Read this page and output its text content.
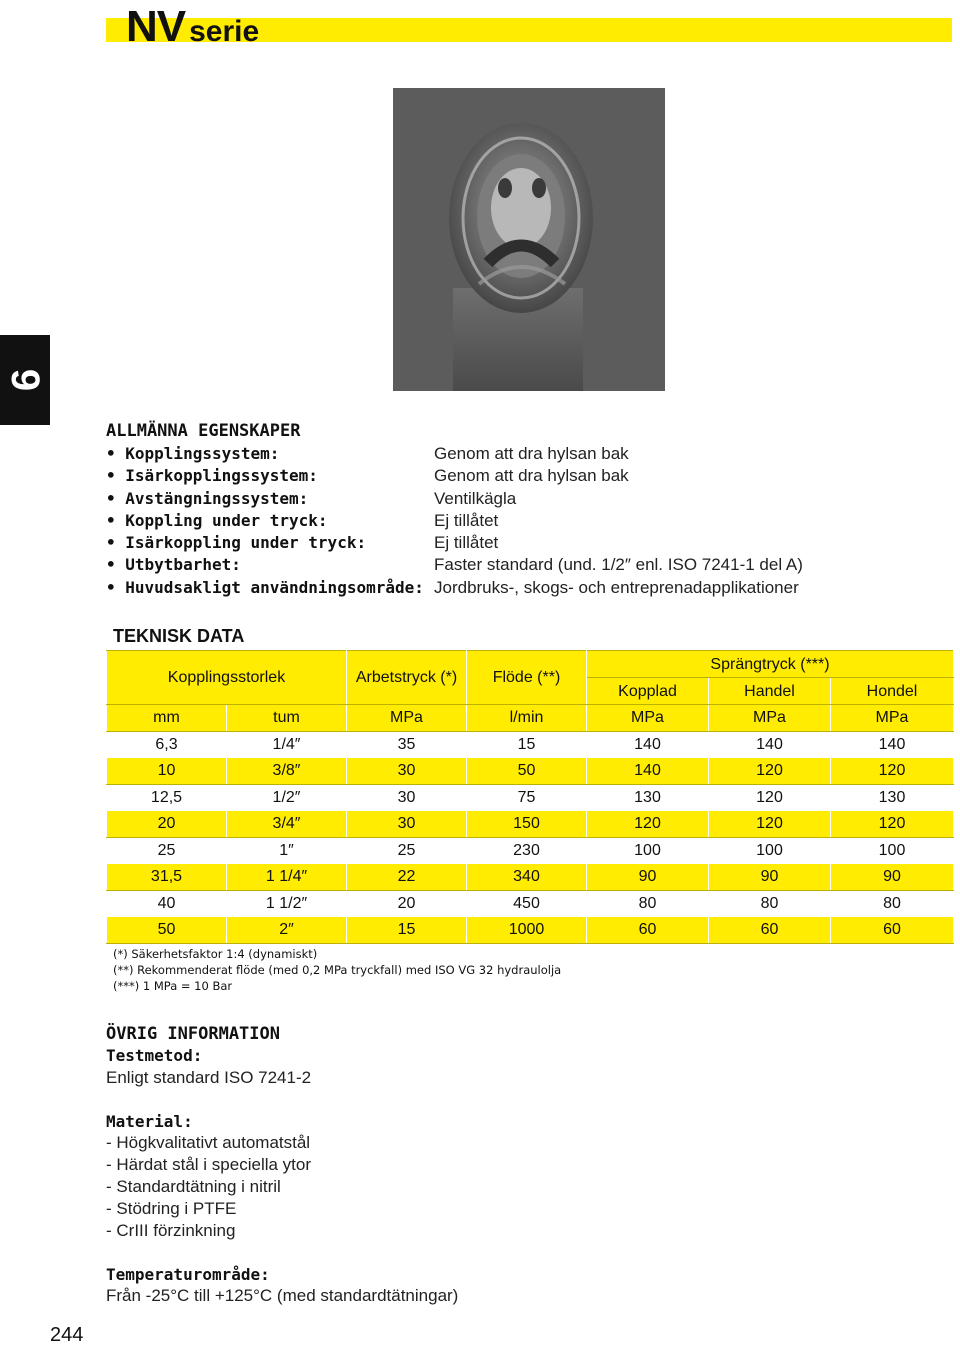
NV serie
9
ALLMÄNNA EGENSKAPER
• Kopplingssystem:	Genom att dra hylsan bak
• Isärkopplingssystem:	Genom att dra hylsan bak
• Avstängningssystem:	Ventilkägla
• Koppling under tryck:	Ej tillåtet
• Isärkoppling under tryck:	Ej tillåtet
• Utbytbarhet:	Faster standard (und. 1/2″ enl. ISO 7241-1 del A)
• Huvudsakligt användningsområde: Jordbruks-, skogs- och entreprenadapplikationer
TEKNISK DATA
Kopplingsstorlek		Arbetstryck (*)	Flöde (**)	Sprängtryck (***)		
				Kopplad	Handel	Hondel
mm	tum	MPa	l/min	MPa	MPa	MPa
6,3	1/4″	35	15	140	140	140
10	3/8″	30	50	140	120	120
12,5	1/2″	30	75	130	120	130
20	3/4″	30	150	120	120	120
25	1″	25	230	100	100	100
31,5	1 1/4″	22	340	90	90	90
40	1 1/2″	20	450	80	80	80
50	2″	15	1000	60	60	60
(*) Säkerhetsfaktor 1:4 (dynamiskt)
(**) Rekommenderat flöde (med 0,2 MPa tryckfall) med ISO VG 32 hydraulolja
(***) 1 MPa = 10 Bar
ÖVRIG INFORMATION
Testmetod:
Enligt standard ISO 7241-2
Material:
- Högkvalitativt automatstål
- Härdat stål i speciella ytor
- Standardtätning i nitril
- Stödring i PTFE
- CrIII förzinkning
Temperaturområde:
Från -25°C till +125°C (med standardtätningar)
244
